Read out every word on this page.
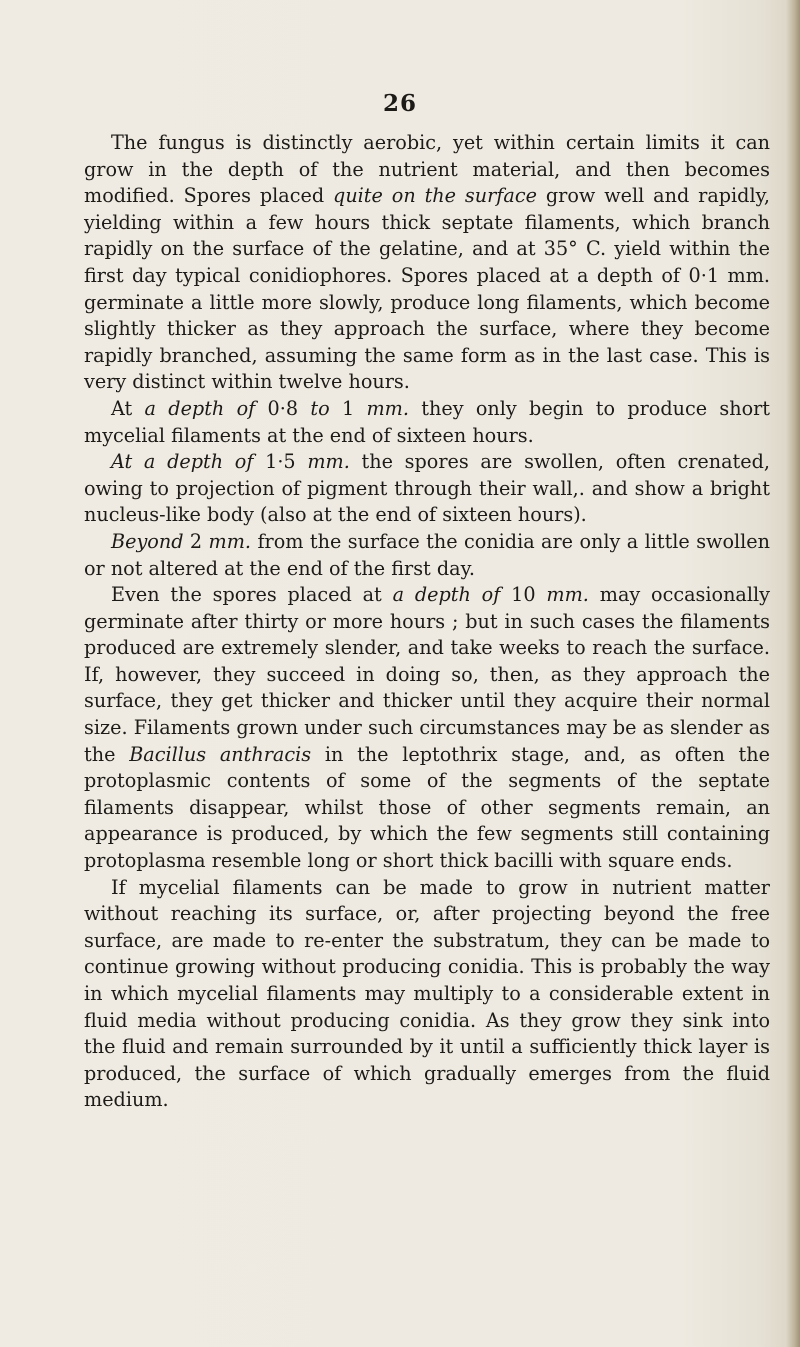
26

The fungus is distinctly aerobic, yet within certain limits it can grow in the depth of the nutrient material, and then becomes modified. Spores placed quite on the surface grow well and rapidly, yielding within a few hours thick septate filaments, which branch rapidly on the surface of the gelatine, and at 35° C. yield within the first day typical conidiophores. Spores placed at a depth of 0·1 mm. germinate a little more slowly, produce long filaments, which become slightly thicker as they approach the surface, where they become rapidly branched, assuming the same form as in the last case. This is very distinct within twelve hours.

At a depth of 0·8 to 1 mm. they only begin to produce short mycelial filaments at the end of sixteen hours.

At a depth of 1·5 mm. the spores are swollen, often crenated, owing to projection of pigment through their wall,. and show a bright nucleus-like body (also at the end of sixteen hours).

Beyond 2 mm. from the surface the conidia are only a little swollen or not altered at the end of the first day.

Even the spores placed at a depth of 10 mm. may occasionally germinate after thirty or more hours ; but in such cases the filaments produced are extremely slender, and take weeks to reach the surface. If, however, they succeed in doing so, then, as they approach the surface, they get thicker and thicker until they acquire their normal size. Filaments grown under such circumstances may be as slender as the Bacillus anthracis in the leptothrix stage, and, as often the protoplasmic contents of some of the segments of the septate filaments disappear, whilst those of other segments remain, an appearance is produced, by which the few segments still containing protoplasma resemble long or short thick bacilli with square ends.

If mycelial filaments can be made to grow in nutrient matter without reaching its surface, or, after projecting beyond the free surface, are made to re-enter the substratum, they can be made to continue growing without producing conidia. This is probably the way in which mycelial filaments may multiply to a considerable extent in fluid media without producing conidia. As they grow they sink into the fluid and remain surrounded by it until a sufficiently thick layer is produced, the surface of which gradually emerges from the fluid medium.
